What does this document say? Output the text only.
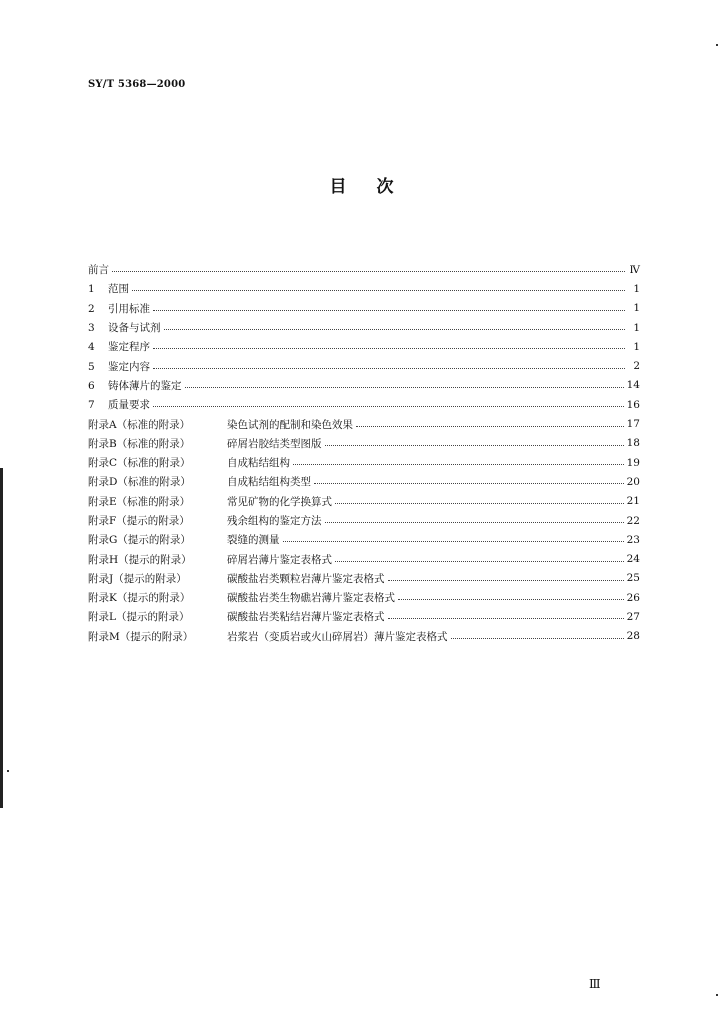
SY/T 5368—2000
目 次
前言	Ⅳ
1 范围	1
2 引用标准	1
3 设备与试剂	1
4 鉴定程序	1
5 鉴定内容	2
6 铸体薄片的鉴定	14
7 质量要求	16
附录A（标准的附录）	染色试剂的配制和染色效果	17
附录B（标准的附录）	碎屑岩胶结类型图版	18
附录C（标准的附录）	自成粘结组构	19
附录D（标准的附录）	自成粘结组构类型	20
附录E（标准的附录）	常见矿物的化学换算式	21
附录F（提示的附录）	残余组构的鉴定方法	22
附录G（提示的附录）	裂缝的测量	23
附录H（提示的附录）	碎屑岩薄片鉴定表格式	24
附录J（提示的附录）	碳酸盐岩类颗粒岩薄片鉴定表格式	25
附录K（提示的附录）	碳酸盐岩类生物礁岩薄片鉴定表格式	26
附录L（提示的附录）	碳酸盐岩类粘结岩薄片鉴定表格式	27
附录M（提示的附录）	岩浆岩（变质岩或火山碎屑岩）薄片鉴定表格式	28
Ⅲ
